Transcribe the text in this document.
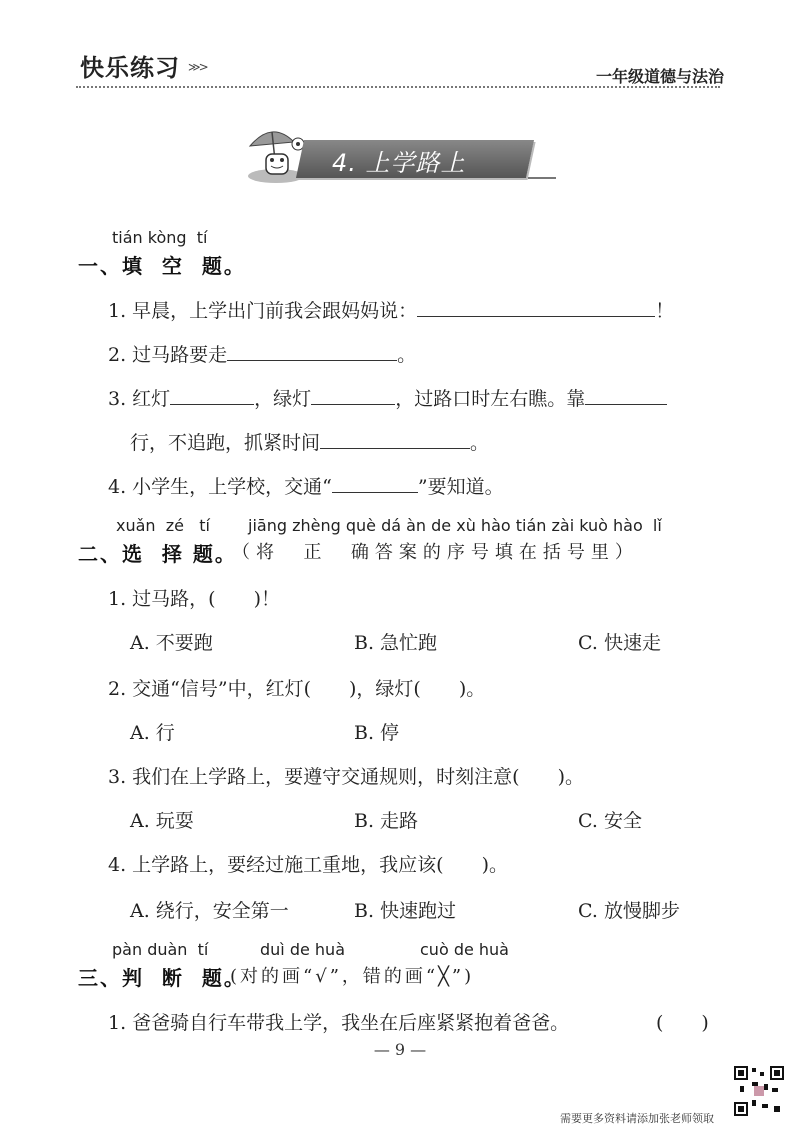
快乐练习 ≫>	一年级道德与法治
4. 上学路上
tián kòng  tí
一、填  空  题。
1. 早晨，上学出门前我会跟妈妈说：	！
2. 过马路要走	。
3. 红灯	，绿灯	，过路口时左右瞧。靠
行，不追跑，抓紧时间	。
4. 小学生，上学校，交通“	”要知道。
xuǎn  zé   tí jiāng zhèng què dá àn de xù hào tián zài kuò hào  lǐ
二、选  择 题。
（将  正  确答案的序号填在括号里）
1. 过马路，(　　)！
A. 不要跑	B. 急忙跑	C. 快速走
2. 交通“信号”中，红灯(　　)，绿灯(　　)。
A. 行	B. 停
3. 我们在上学路上，要遵守交通规则，时刻注意(　　)。
A. 玩耍	B. 走路	C. 安全
4. 上学路上，要经过施工重地，我应该(　　)。
A. 绕行，安全第一	B. 快速跑过	C. 放慢脚步
pàn duàn  tí	duì de huà	cuò de huà
三、判  断  题。
(对的画“√”，错的画“╳”)
1. 爸爸骑自行车带我上学，我坐在后座紧紧抱着爸爸。	(　　)
— 9 —
需要更多资料请添加张老师领取
